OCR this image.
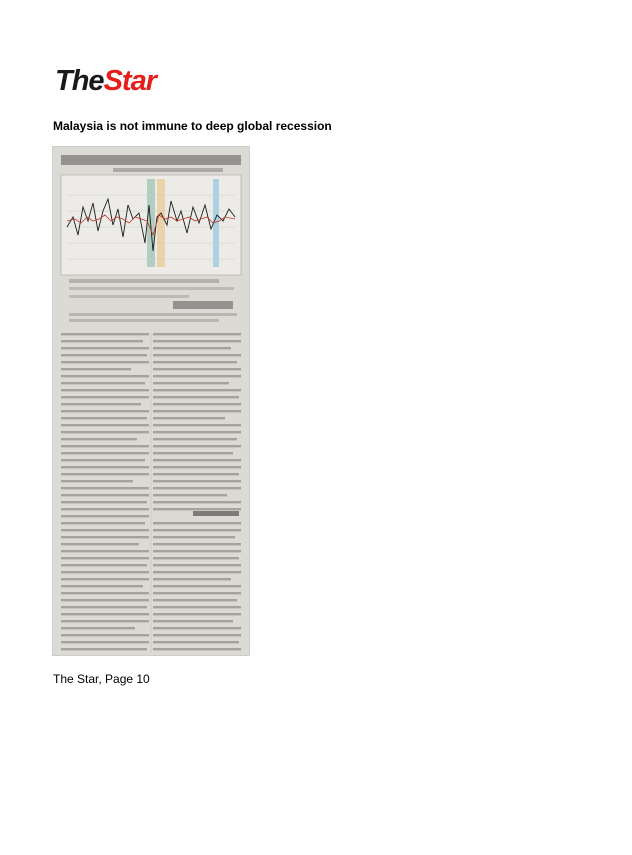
TheStar
Malaysia is not immune to deep global recession
The Star, Page 10
